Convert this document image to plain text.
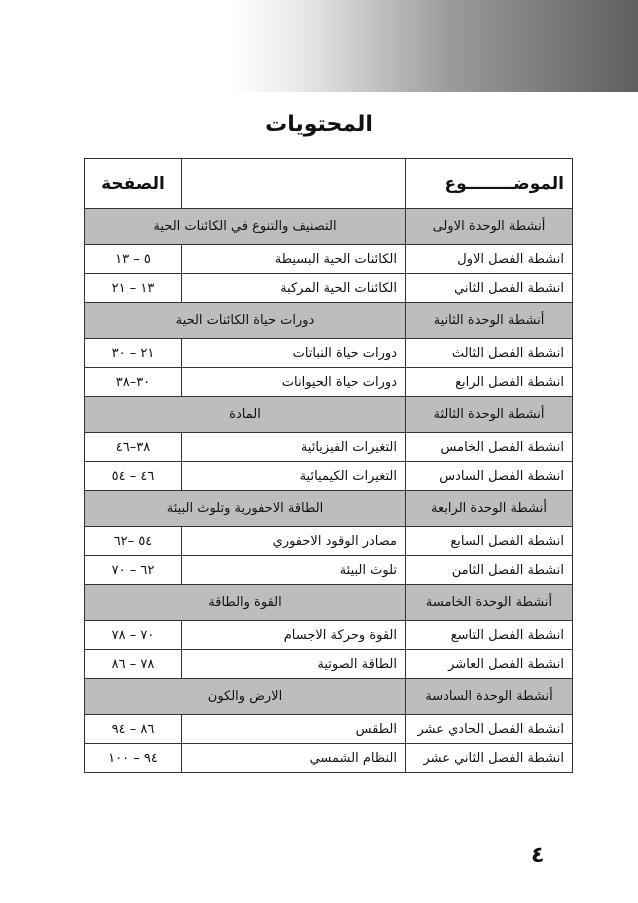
المحتويات
الموضــــــــوع		الصفحة
أنشطة الوحدة الاولى	التصنيف والتنوع في الكائنات الحية	
انشطة الفصل الاول	الكائنات الحية البسيطة	٥ – ١٣
انشطة الفصل الثاني	الكائنات الحية المركبة	١٣ – ٢١
أنشطة الوحدة الثانية	دورات حياة الكائنات الحية	
انشطة الفصل الثالث	دورات حياة النباتات	٢١ – ٣٠
انشطة الفصل الرابع	دورات حياة الحيوانات	٣٠–٣٨
أنشطة الوحدة الثالثة	المادة	
انشطة الفصل الخامس	التغيرات الفيزيائية	٣٨–٤٦
انشطة الفصل السادس	التغيرات الكيميائية	٤٦ – ٥٤
أنشطة الوحدة الرابعة	الطاقة الاحفورية وتلوث البيئة	
انشطة الفصل السابع	مصادر الوقود الاحفوري	٥٤ –٦٢
انشطة الفصل الثامن	تلوث البيئة	٦٢ – ٧٠
أنشطة الوحدة الخامسة	القوة والطاقة	
انشطة الفصل التاسع	القوة وحركة الاجسام	٧٠ – ٧٨
انشطة الفصل العاشر	الطاقة الصوتية	٧٨ – ٨٦
أنشطة الوحدة السادسة	الارض والكون	
انشطة الفصل الحادي عشر	الطقس	٨٦ – ٩٤
انشطة الفصل الثاني عشر	النظام الشمسي	٩٤ – ١٠٠
٤
